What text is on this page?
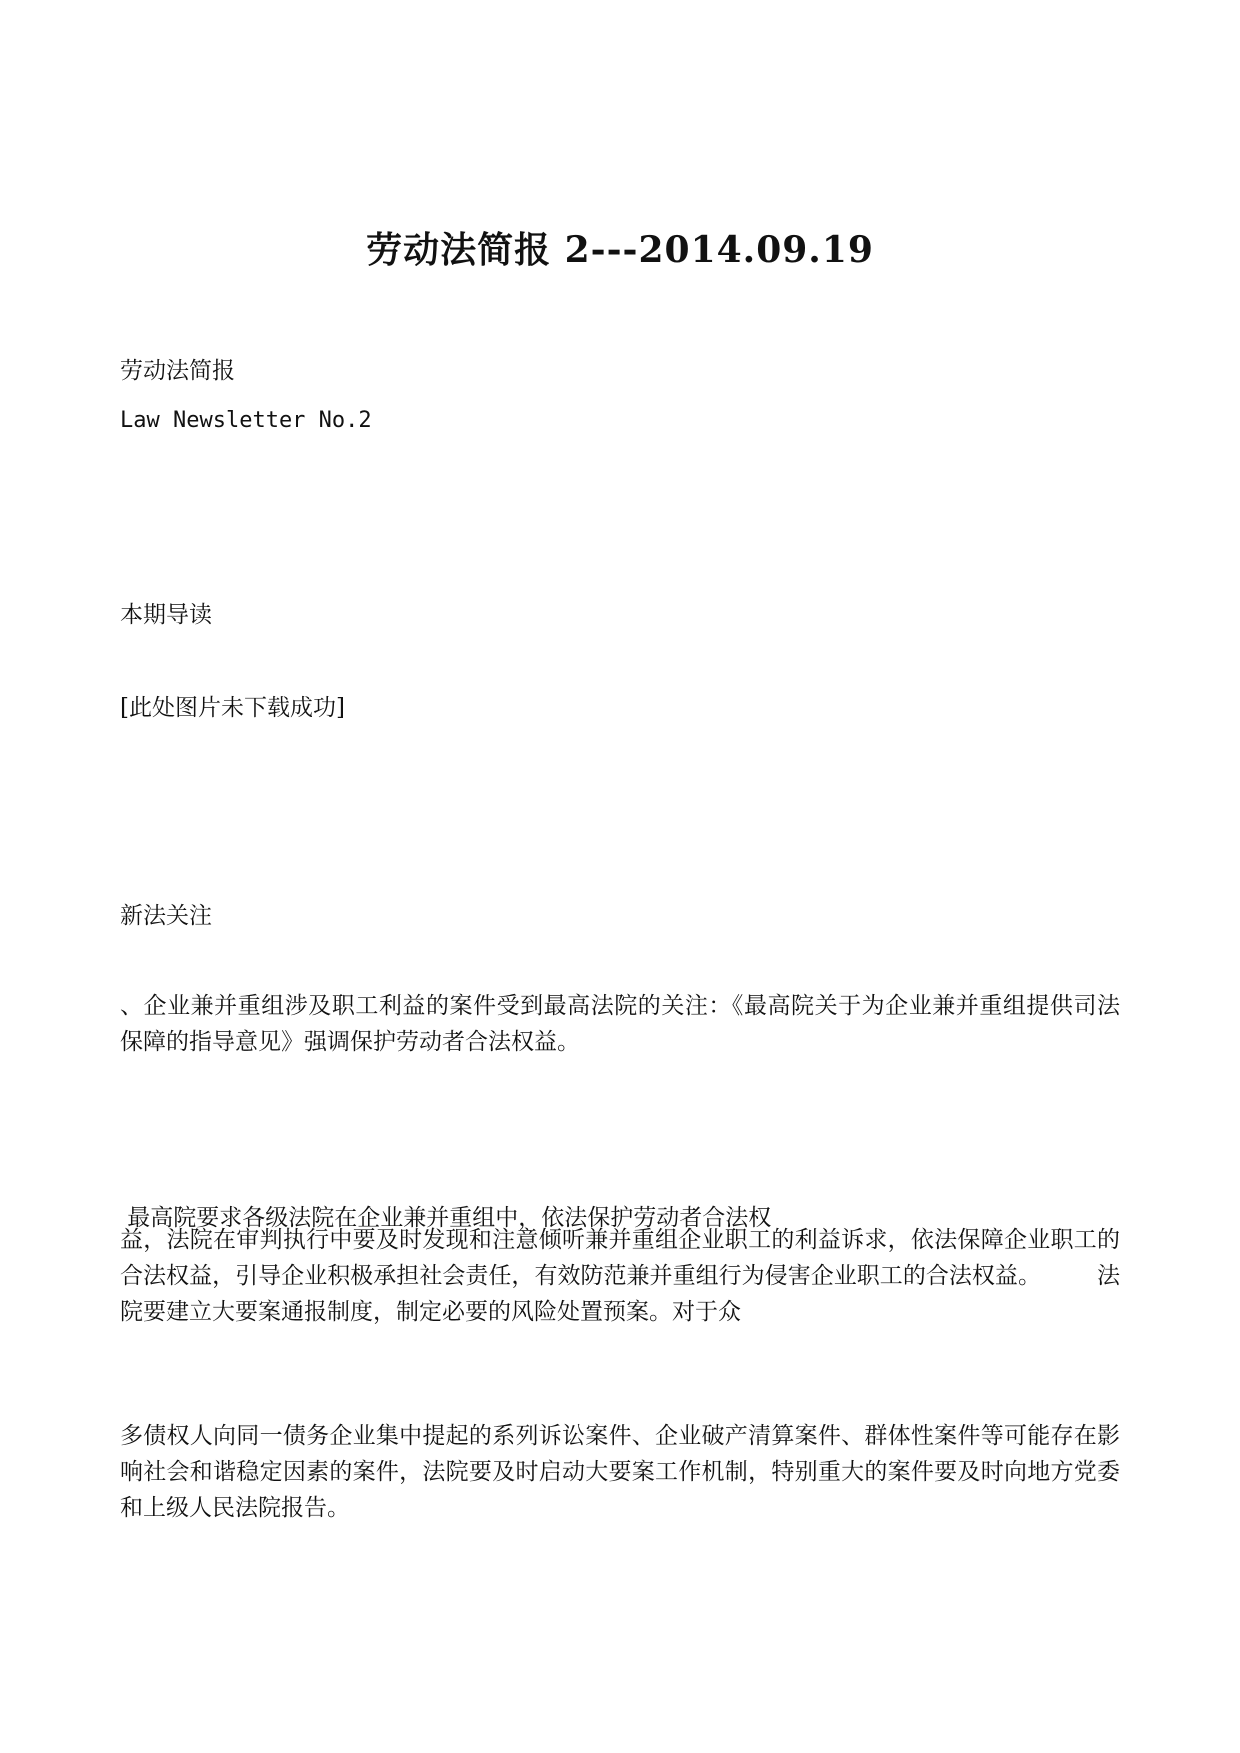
劳动法简报 2---2014.09.19
劳动法简报
Law Newsletter No.2
本期导读
[此处图片未下载成功]
新法关注

、企业兼并重组涉及职工利益的案件受到最高法院的关注：《最高院关于为企业兼并重组提供司法保障的指导意见》强调保护劳动者合法权益。

最高院要求各级法院在企业兼并重组中，依法保护劳动者合法权

益，法院在审判执行中要及时发现和注意倾听兼并重组企业职工的利益诉求，依法保障企业职工的合法权益，引导企业积极承担社会责任，有效防范兼并重组行为侵害企业职工的合法权益。 法院要建立大要案通报制度，制定必要的风险处置预案。对于众

多债权人向同一债务企业集中提起的系列诉讼案件、企业破产清算案件、群体性案件等可能存在影响社会和谐稳定因素的案件，法院要及时启动大要案工作机制，特别重大的案件要及时向地方党委和上级人民法院报告。
